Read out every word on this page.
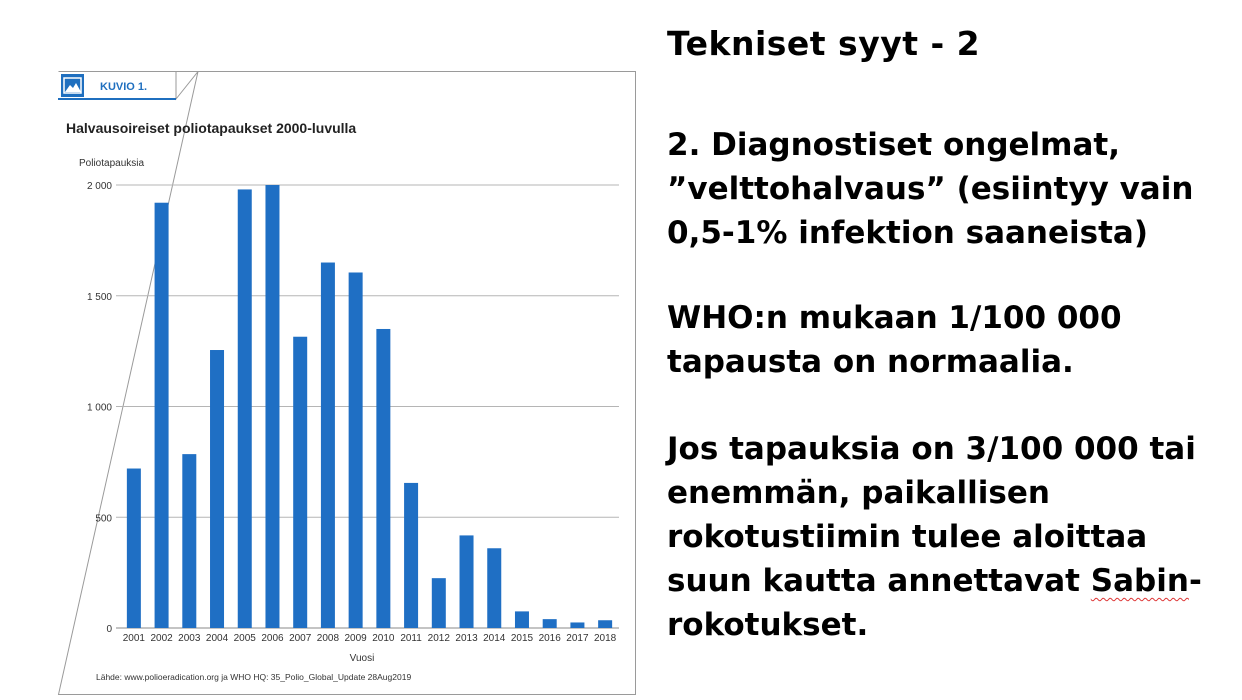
KUVIO 1.
Halvausoireiset poliotapaukset 2000-luvulla
Poliotapauksia
2001 2002 2003 2004 2005 2006 2007 2008 2009 2010 2011 2012 2013 2014 2015 2016 2017 2018
0
500
1 000
1 500
2 000
Vuosi
Lähde: www.polioeradication.org ja WHO HQ: 35_Polio_Global_Update 28Aug2019
Tekniset syyt - 2

2. Diagnostiset ongelmat, ”velttohalvaus” (esiintyy vain 0,5-1% infektion saaneista)

WHO:n mukaan 1/100 000 tapausta on normaalia.

Jos tapauksia on 3/100 000 tai enemmän, paikallisen rokotustiimin tulee aloittaa suun kautta annettavat Sabin-rokotukset.
